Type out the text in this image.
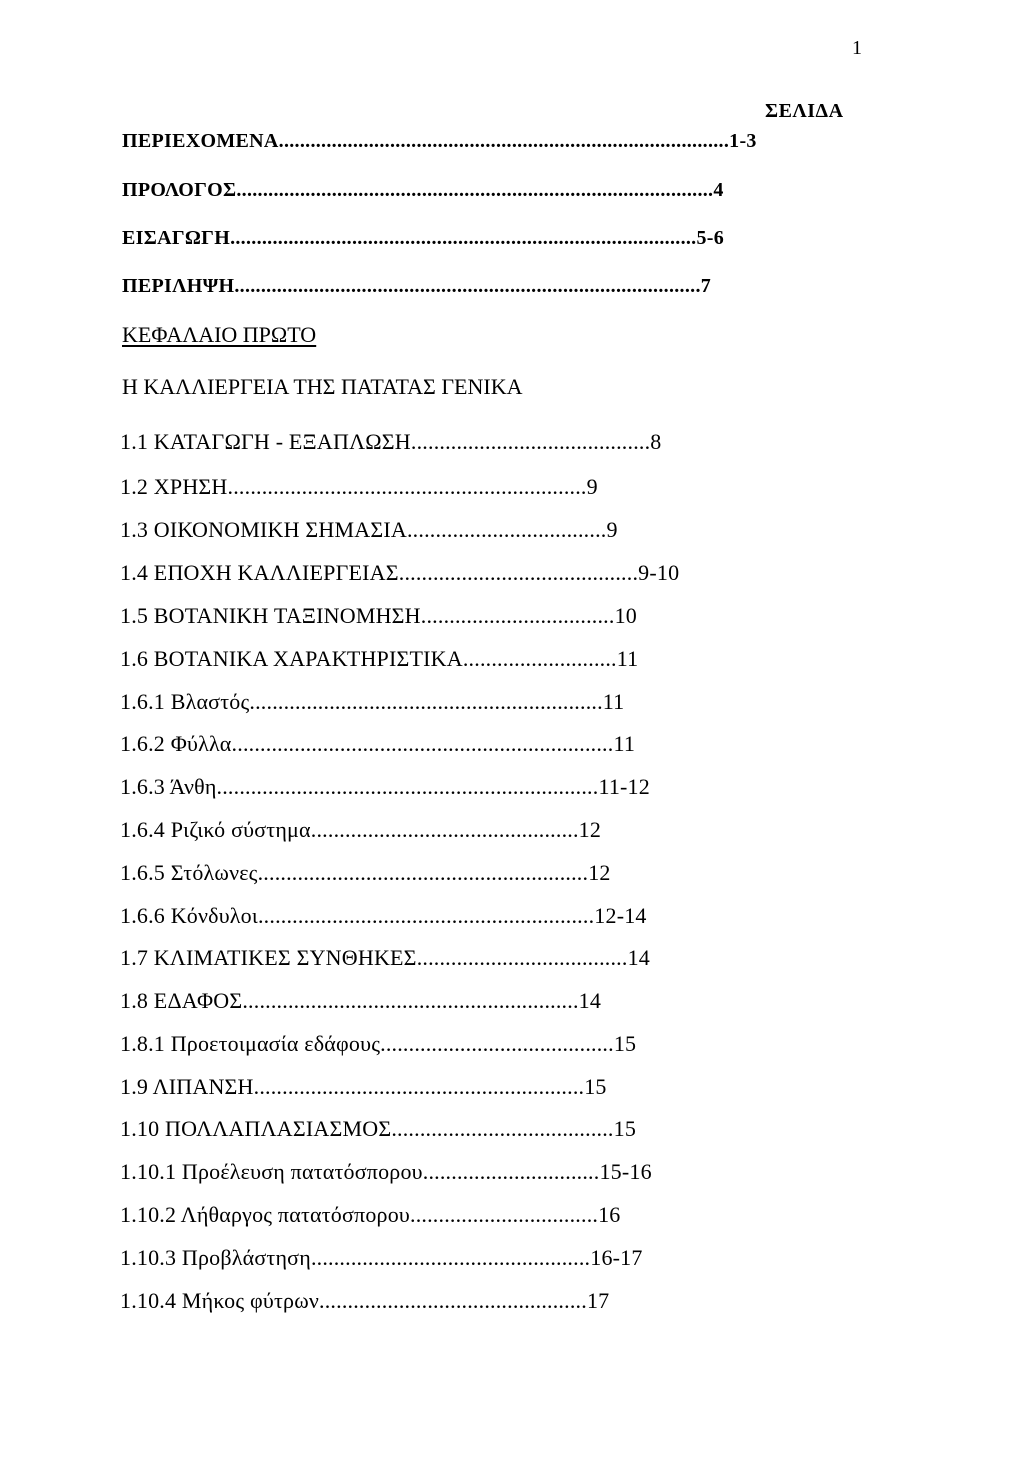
1
ΣΕΛΙΔΑ
ΠΕΡΙΕΧΟΜΕΝΑ.....................................................................................1-3
ΠΡΟΛΟΓΟΣ..........................................................................................4
ΕΙΣΑΓΩΓΗ........................................................................................5-6
ΠΕΡΙΛΗΨΗ........................................................................................7
ΚΕΦΑΛΑΙΟ ΠΡΩΤΟ
Η ΚΑΛΛΙΕΡΓΕΙΑ ΤΗΣ ΠΑΤΑΤΑΣ ΓΕΝΙΚΑ
1.1 ΚΑΤΑΓΩΓΗ - ΕΞΑΠΛΩΣΗ..........................................8
1.2 ΧΡΗΣΗ...............................................................9
1.3 ΟΙΚΟΝΟΜΙΚΗ ΣΗΜΑΣΙΑ...................................9
1.4 ΕΠΟΧΗ ΚΑΛΛΙΕΡΓΕΙΑΣ..........................................9-10
1.5 ΒΟΤΑΝΙΚΗ ΤΑΞΙΝΟΜΗΣΗ..................................10
1.6 ΒΟΤΑΝΙΚΑ ΧΑΡΑΚΤΗΡΙΣΤΙΚΑ...........................11
1.6.1 Βλαστός..............................................................11
1.6.2 Φύλλα...................................................................11
1.6.3 Άνθη...................................................................11-12
1.6.4 Ριζικό σύστημα...............................................12
1.6.5 Στόλωνες..........................................................12
1.6.6 Κόνδυλοι...........................................................12-14
1.7 ΚΛΙΜΑΤΙΚΕΣ ΣΥΝΘΗΚΕΣ.....................................14
1.8 ΕΔΑΦΟΣ...........................................................14
1.8.1 Προετοιμασία εδάφους.........................................15
1.9 ΛΙΠΑΝΣΗ..........................................................15
1.10 ΠΟΛΛΑΠΛΑΣΙΑΣΜΟΣ.......................................15
1.10.1 Προέλευση πατατόσπορου...............................15-16
1.10.2 Λήθαργος πατατόσπορου.................................16
1.10.3 Προβλάστηση.................................................16-17
1.10.4 Μήκος φύτρων...............................................17
